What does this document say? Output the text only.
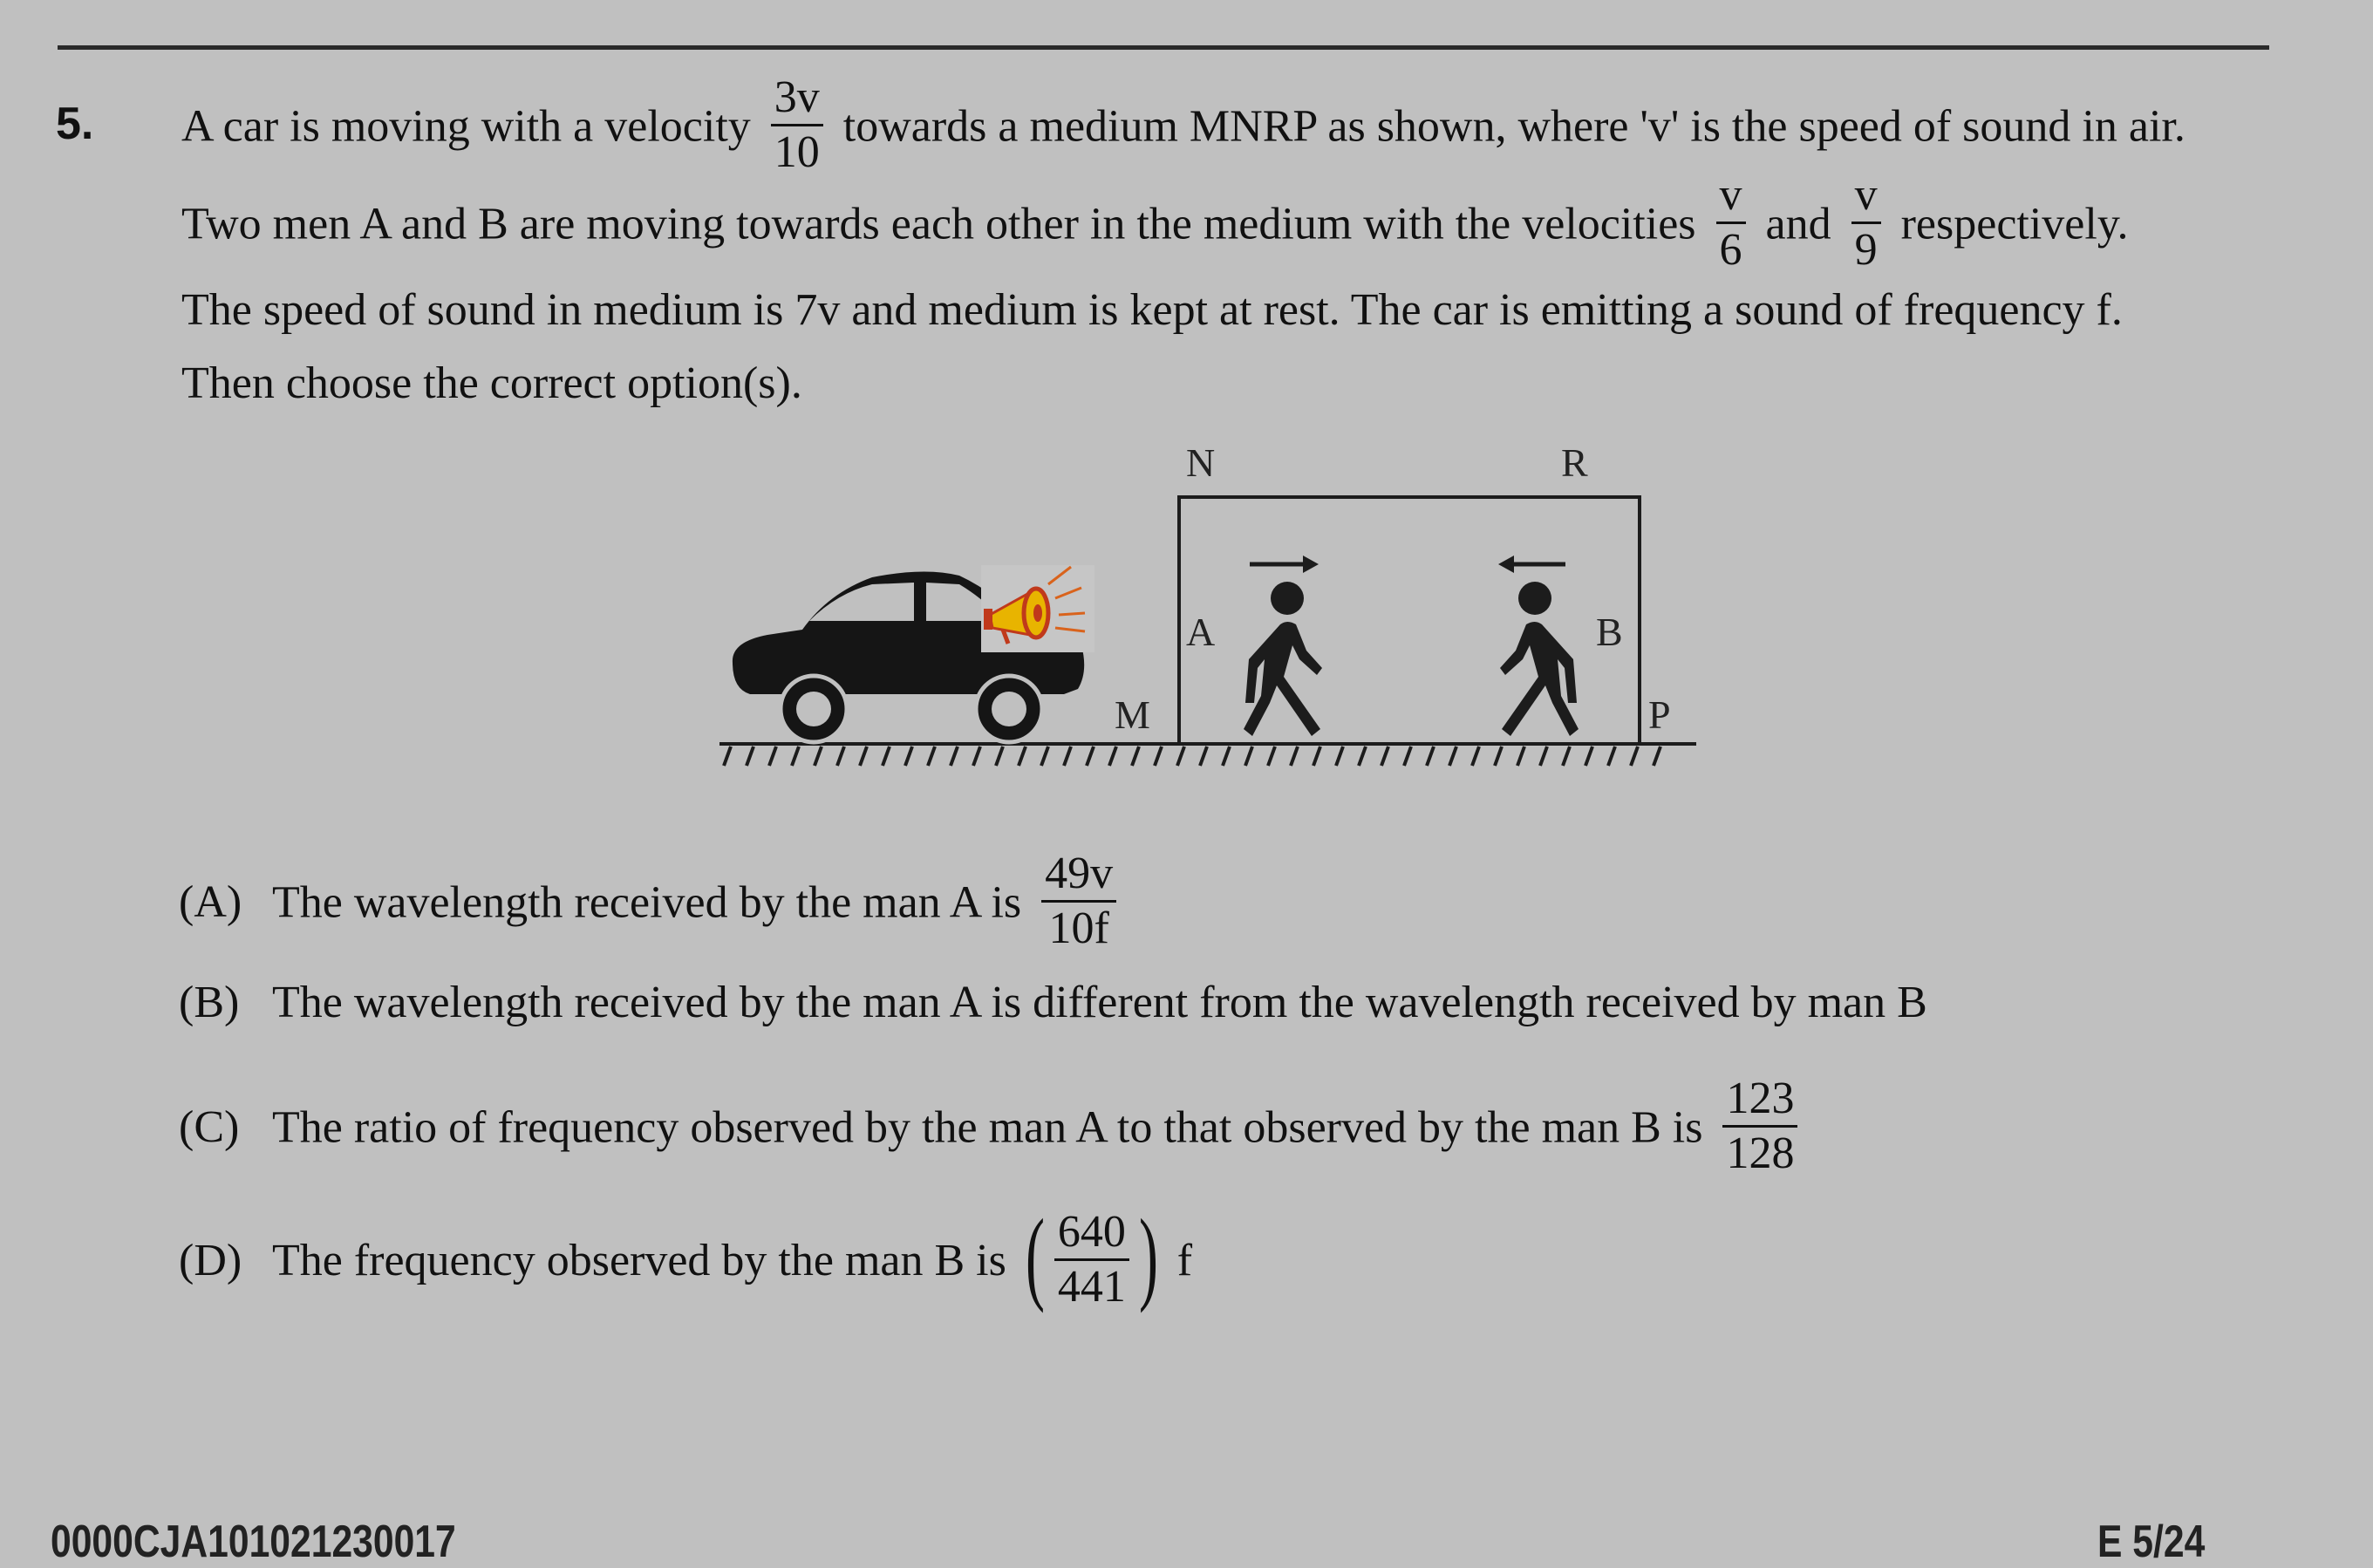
5. A car is moving with a velocity $\frac{3v}{10}$ towards a medium MNRP as shown, where 'v' is the speed of sound in air.
Two men A and B are moving towards each other in the medium with the velocities $\frac{v}{6}$ and $\frac{v}{9}$ respectively.
The speed of sound in medium is 7v and medium is kept at rest. The car is emitting a sound of frequency f.
Then choose the correct option(s).
N	R
M	P
A	B
(A) The wavelength received by the man A is $\frac{49v}{10f}$
(B) The wavelength received by the man A is different from the wavelength received by man B
(C) The ratio of frequency observed by the man A to that observed by the man B is $\frac{123}{128}$
(D) The frequency observed by the man B is ( $\frac{640}{441}$ ) f
0000CJA101021230017	E 5/24
